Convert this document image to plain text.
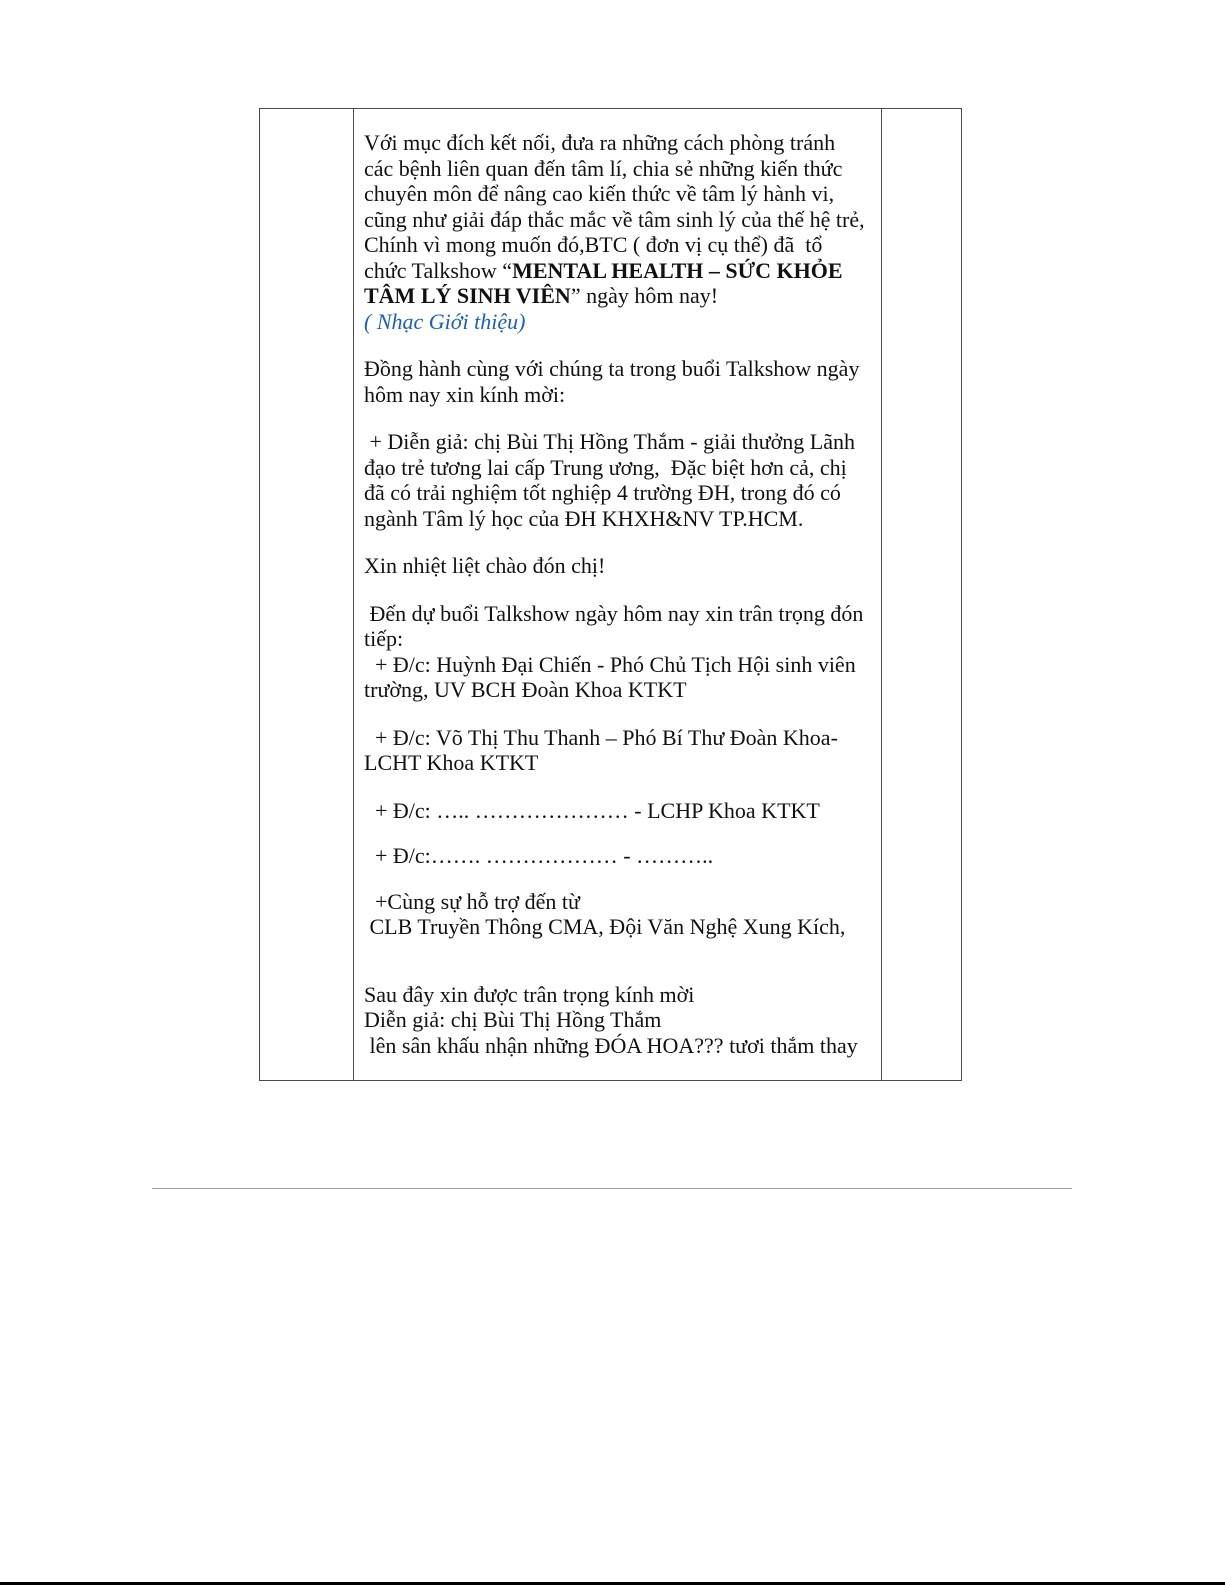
Với mục đích kết nối, đưa ra những cách phòng tránh

các bệnh liên quan đến tâm lí, chia sẻ những kiến thức

chuyên môn để nâng cao kiến thức về tâm lý hành vi,

cũng như giải đáp thắc mắc về tâm sinh lý của thế hệ trẻ,

Chính vì mong muốn đó,BTC ( đơn vị cụ thể) đã  tổ

chức Talkshow “MENTAL HEALTH – SỨC KHỎE

TÂM LÝ SINH VIÊN” ngày hôm nay!

( Nhạc Giới thiệu)

Đồng hành cùng với chúng ta trong buổi Talkshow ngày

hôm nay xin kính mời:

+ Diễn giả: chị Bùi Thị Hồng Thắm - giải thưởng Lãnh

đạo trẻ tương lai cấp Trung ương,  Đặc biệt hơn cả, chị

đã có trải nghiệm tốt nghiệp 4 trường ĐH, trong đó có

ngành Tâm lý học của ĐH KHXH&NV TP.HCM.

Xin nhiệt liệt chào đón chị!

Đến dự buổi Talkshow ngày hôm nay xin trân trọng đón

tiếp:

+ Đ/c: Huỳnh Đại Chiến - Phó Chủ Tịch Hội sinh viên

trường, UV BCH Đoàn Khoa KTKT

+ Đ/c: Võ Thị Thu Thanh – Phó Bí Thư Đoàn Khoa-

LCHT Khoa KTKT

+ Đ/c: ….. ………………… - LCHP Khoa KTKT

+ Đ/c:……. ……………… - ………..

+Cùng sự hỗ trợ đến từ

CLB Truyền Thông CMA, Đội Văn Nghệ Xung Kích,

Sau đây xin được trân trọng kính mời

Diễn giả: chị Bùi Thị Hồng Thắm

lên sân khấu nhận những ĐÓA HOA??? tươi thắm thay
